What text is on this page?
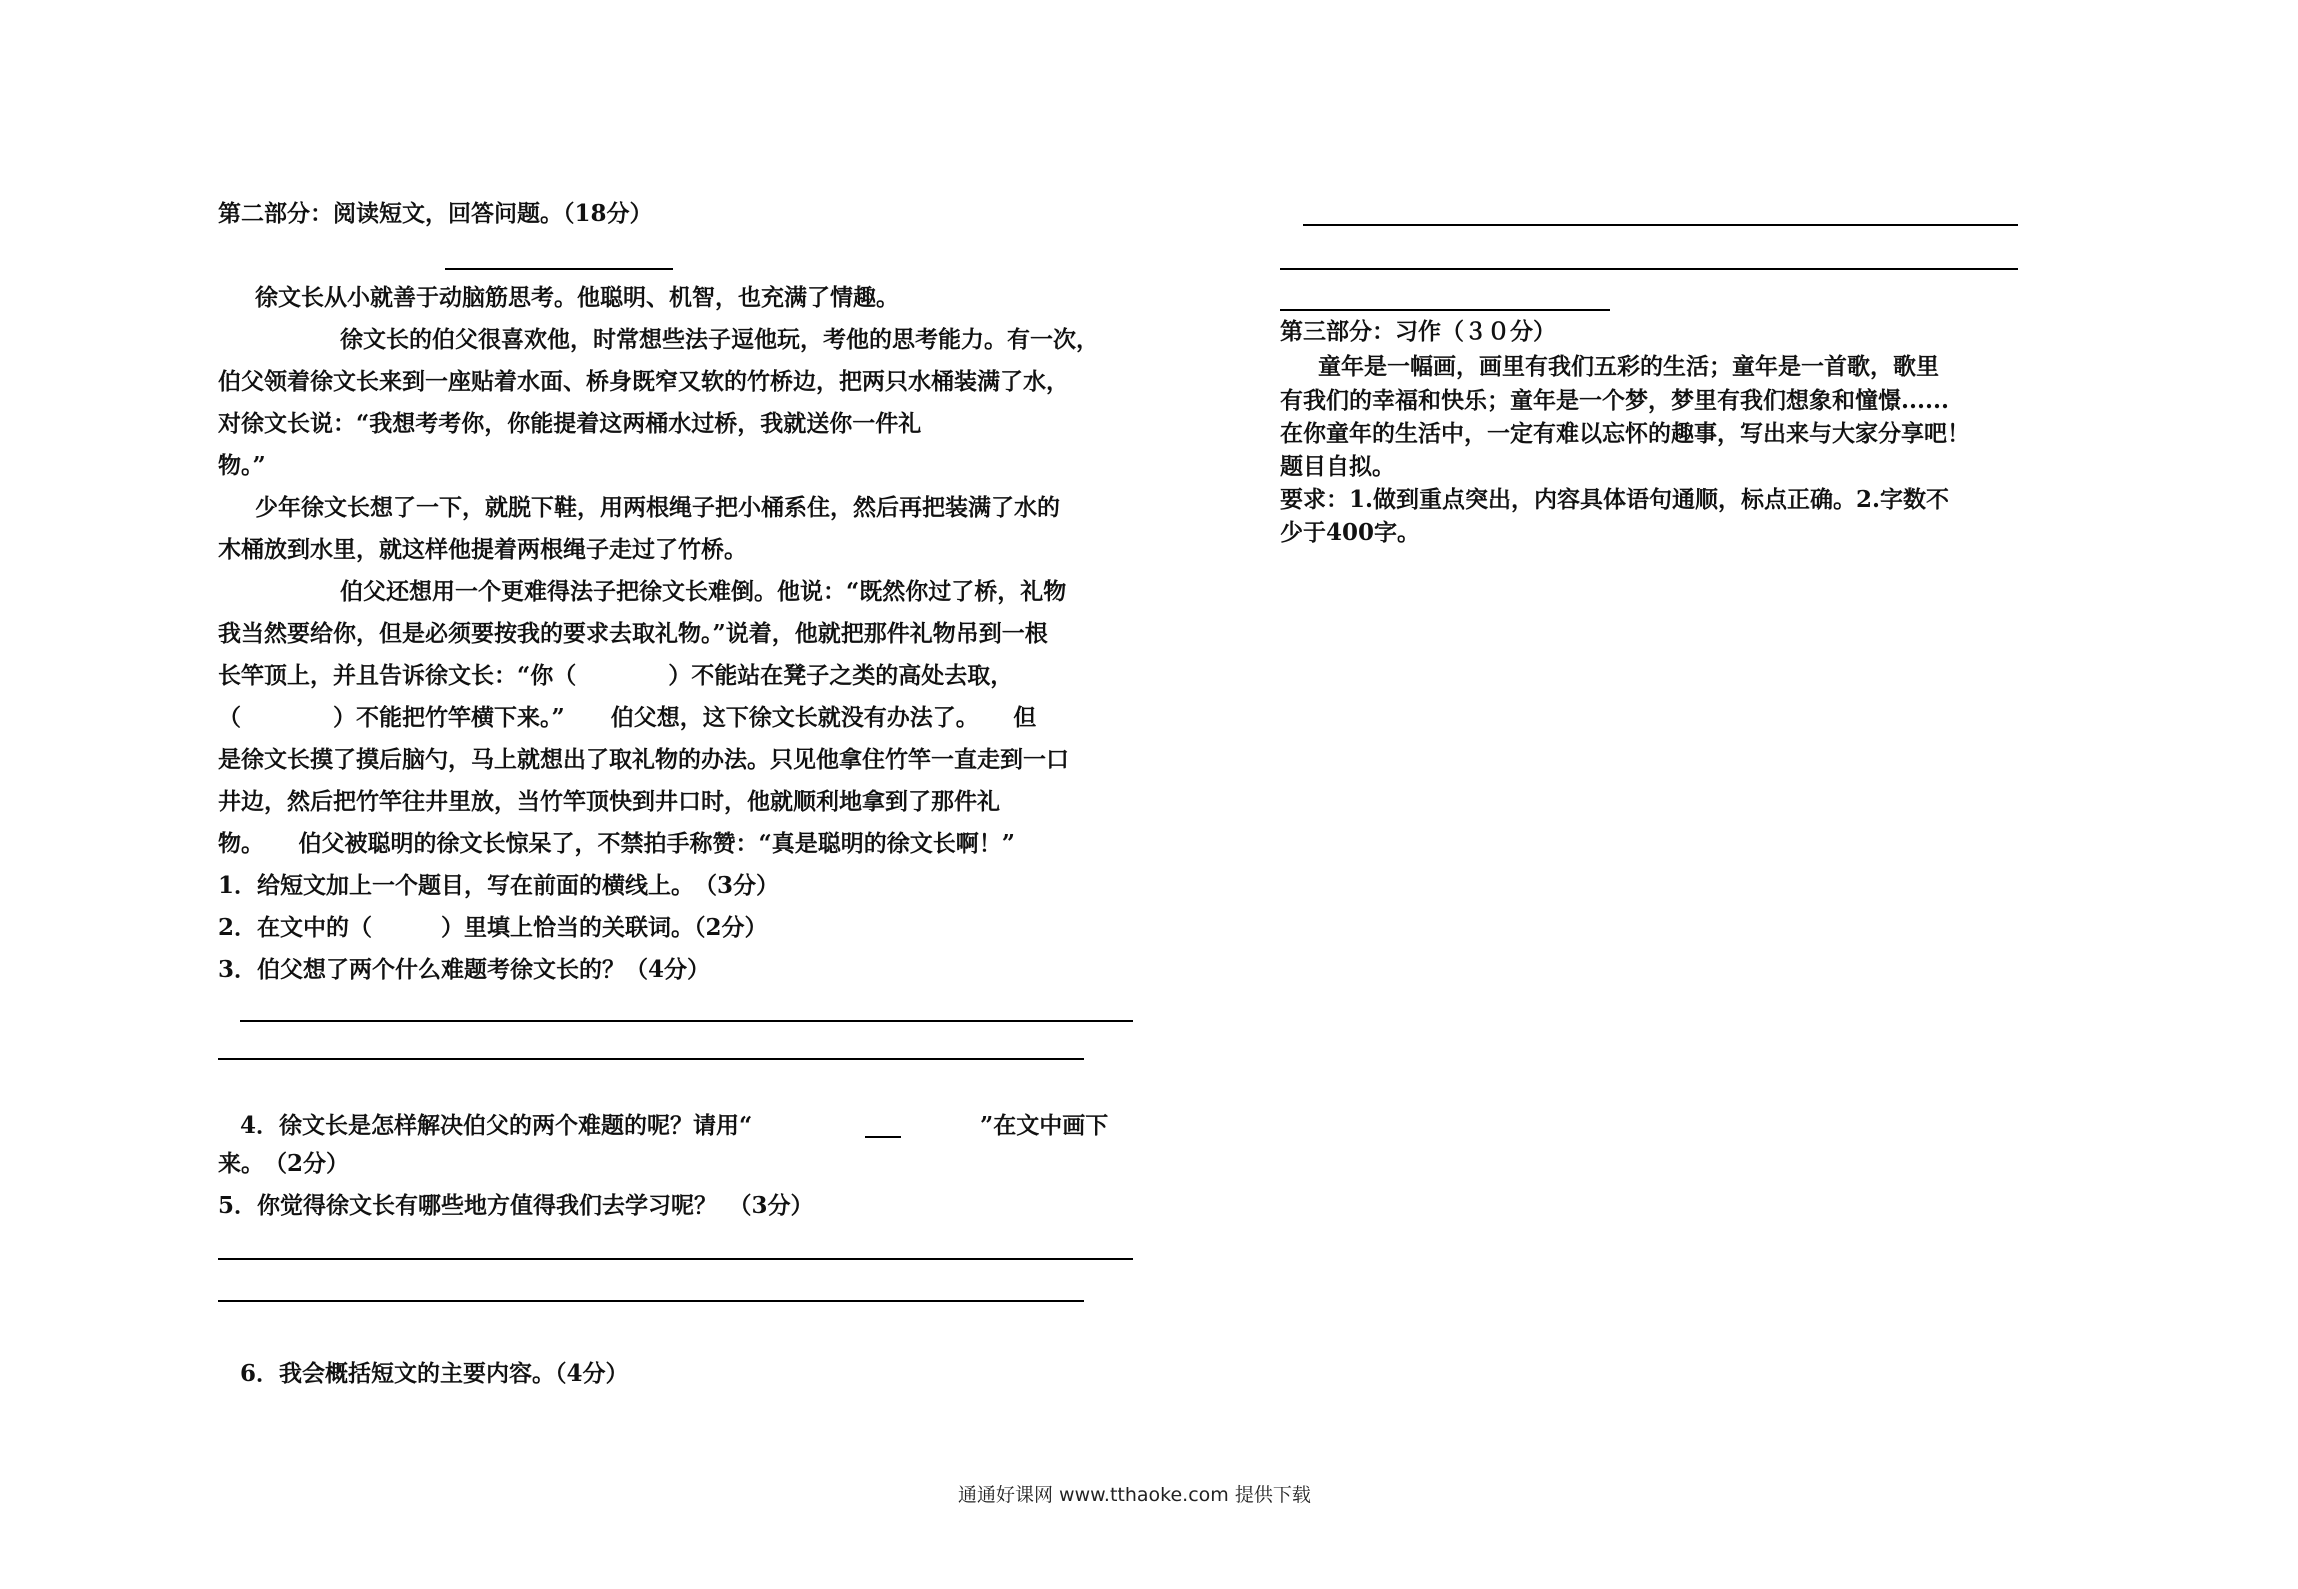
第二部分：阅读短文，回答问题。（18分）
徐文长从小就善于动脑筋思考。他聪明、机智，也充满了情趣。
徐文长的伯父很喜欢他，时常想些法子逗他玩，考他的思考能力。有一次，
伯父领着徐文长来到一座贴着水面、桥身既窄又软的竹桥边，把两只水桶装满了水，
对徐文长说：“我想考考你，你能提着这两桶水过桥，我就送你一件礼
物。”
少年徐文长想了一下，就脱下鞋，用两根绳子把小桶系住，然后再把装满了水的
木桶放到水里，就这样他提着两根绳子走过了竹桥。
伯父还想用一个更难得法子把徐文长难倒。他说：“既然你过了桥，礼物
我当然要给你，但是必须要按我的要求去取礼物。”说着，他就把那件礼物吊到一根
长竿顶上，并且告诉徐文长：“你（　　　　）不能站在凳子之类的高处去取，
（　　　　）不能把竹竿横下来。”　　伯父想，这下徐文长就没有办法了。　　但
是徐文长摸了摸后脑勺，马上就想出了取礼物的办法。只见他拿住竹竿一直走到一口
井边，然后把竹竿往井里放，当竹竿顶快到井口时，他就顺利地拿到了那件礼
物。　　伯父被聪明的徐文长惊呆了，不禁拍手称赞：“真是聪明的徐文长啊！”
1．给短文加上一个题目，写在前面的横线上。　（3分）
2．在文中的（　　　）里填上恰当的关联词。（2分）
3．伯父想了两个什么难题考徐文长的？（4分）
4．徐文长是怎样解决伯父的两个难题的呢？请用“	”在文中画下
来。　（2分）
5．你觉得徐文长有哪些地方值得我们去学习呢？　（3分）
6．我会概括短文的主要内容。（4分）
第三部分：习作（３０分）
童年是一幅画，画里有我们五彩的生活；童年是一首歌，歌里
有我们的幸福和快乐；童年是一个梦，梦里有我们想象和憧憬......
在你童年的生活中，一定有难以忘怀的趣事，写出来与大家分享吧！
题目自拟。
要求：1.做到重点突出，内容具体语句通顺，标点正确。2.字数不
少于400字。
通通好课网 www.tthaoke.com 提供下载
